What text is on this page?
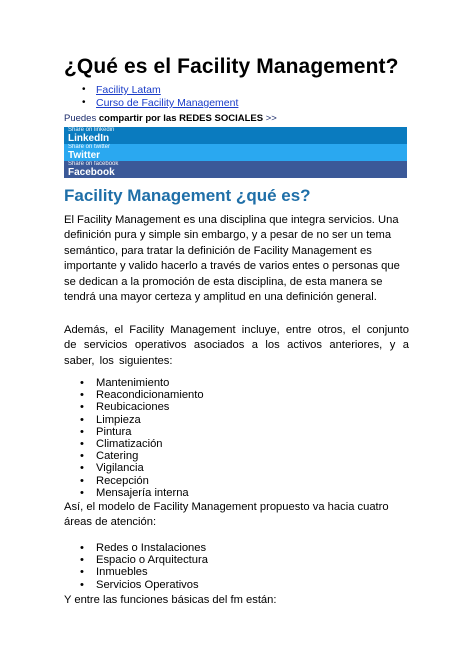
¿Qué es el Facility Management?
• Facility Latam
• Curso de Facility Management
Puedes compartir por las REDES SOCIALES >>
Share on linkedin
LinkedIn
Share on twitter
Twitter
Share on facebook
Facebook
Facility Management ¿qué es?

El Facility Management es una disciplina que integra servicios. Una definición pura y simple sin embargo, y a pesar de no ser un tema semántico, para tratar la definición de Facility Management es importante y valido hacerlo a través de varios entes o personas que se dedican a la promoción de esta disciplina, de esta manera se tendrá una mayor certeza y amplitud en una definición general.

Además, el Facility Management incluye, entre otros, el conjunto de servicios operativos asociados a los activos anteriores, y a saber, los siguientes:

• Mantenimiento
• Reacondicionamiento
• Reubicaciones
• Limpieza
• Pintura
• Climatización
• Catering
• Vigilancia
• Recepción
• Mensajería interna
Así, el modelo de Facility Management propuesto va hacia cuatro
áreas de atención:
• Redes o Instalaciones
• Espacio o Arquitectura
• Inmuebles
• Servicios Operativos
Y entre las funciones básicas del fm están:
